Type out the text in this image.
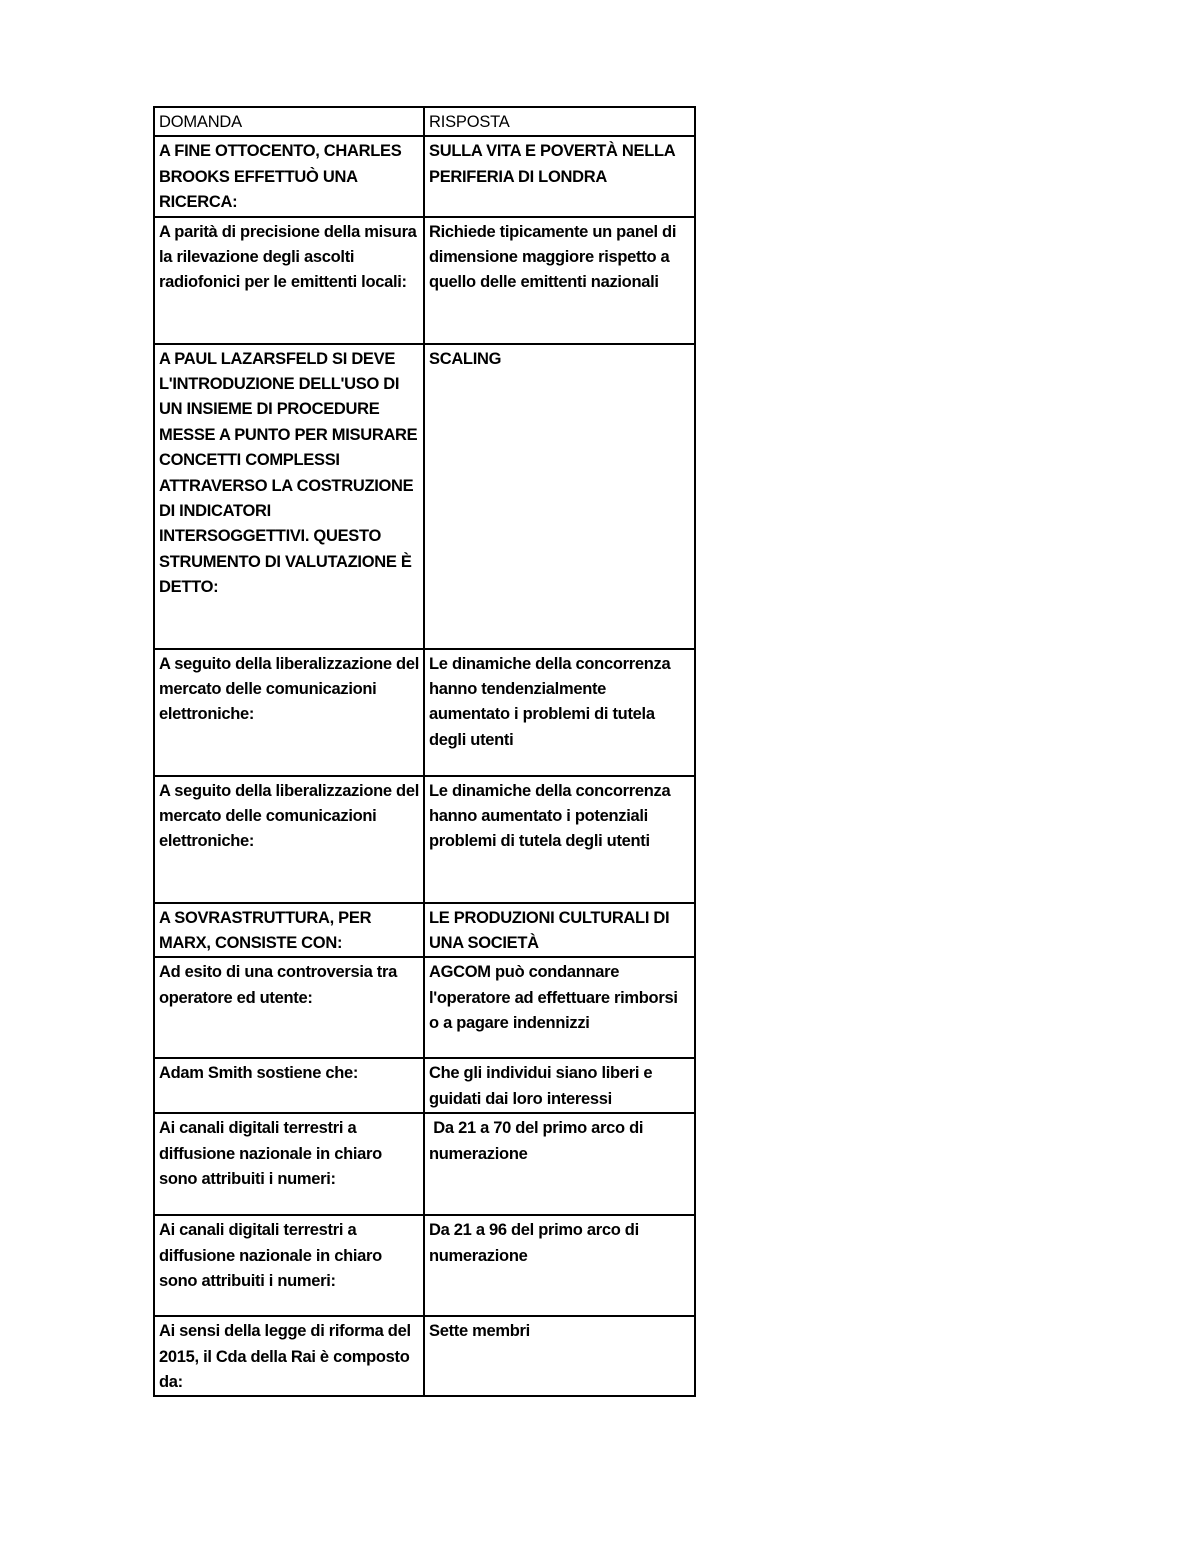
DOMANDA	RISPOSTA
A FINE OTTOCENTO, CHARLES BROOKS EFFETTUÒ UNA RICERCA:	SULLA VITA E POVERTÀ NELLA PERIFERIA DI LONDRA
A parità di precisione della misura la rilevazione degli ascolti radiofonici per le emittenti locali:	Richiede tipicamente un panel di dimensione maggiore rispetto a quello delle emittenti nazionali
A PAUL LAZARSFELD SI DEVE L'INTRODUZIONE DELL'USO DI UN INSIEME DI PROCEDURE MESSE A PUNTO PER MISURARE CONCETTI COMPLESSI ATTRAVERSO LA COSTRUZIONE DI INDICATORI INTERSOGGETTIVI. QUESTO STRUMENTO DI VALUTAZIONE È DETTO:	SCALING
A seguito della liberalizzazione del mercato delle comunicazioni elettroniche:	Le dinamiche della concorrenza hanno tendenzialmente aumentato i problemi di tutela degli utenti
A seguito della liberalizzazione del mercato delle comunicazioni elettroniche:	Le dinamiche della concorrenza hanno aumentato i potenziali problemi di tutela degli utenti
A SOVRASTRUTTURA, PER MARX, CONSISTE CON:	LE PRODUZIONI CULTURALI DI UNA SOCIETÀ
Ad esito di una controversia tra operatore ed utente:	AGCOM può condannare l'operatore ad effettuare rimborsi o a pagare indennizzi
Adam Smith sostiene che:	Che gli individui siano liberi e guidati dai loro interessi
Ai canali digitali terrestri a diffusione nazionale in chiaro sono attribuiti i numeri:	Da 21 a 70 del primo arco di numerazione
Ai canali digitali terrestri a diffusione nazionale in chiaro sono attribuiti i numeri:	Da 21 a 96 del primo arco di numerazione
Ai sensi della legge di riforma del 2015, il Cda della Rai è composto da:	Sette membri
